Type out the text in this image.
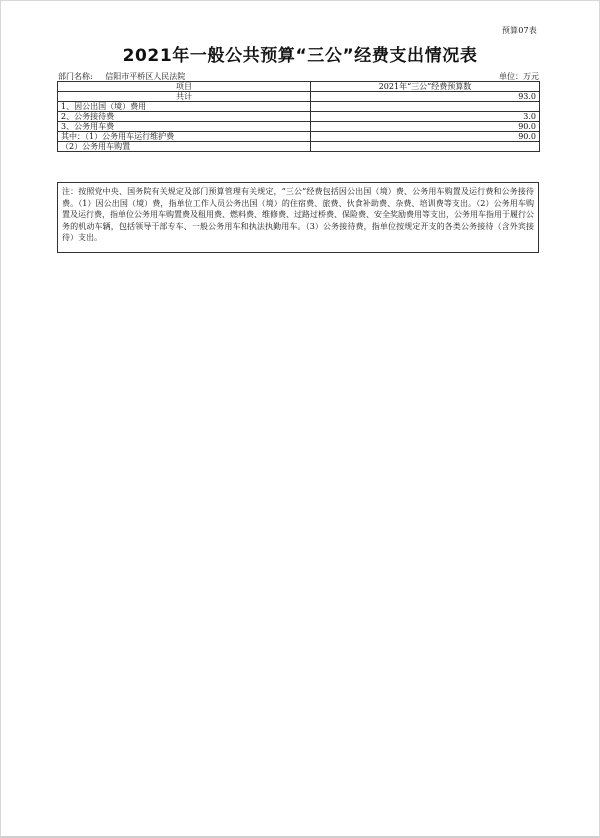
预算07表
2021年一般公共预算“三公”经费支出情况表
部门名称: 信阳市平桥区人民法院	单位：万元
项目	2021年“三公”经费预算数
共计	93.0
1、因公出国（境）费用	
2、公务接待费	3.0
3、公务用车费	90.0
其中：（1）公务用车运行维护费	90.0
（2）公务用车购置	
注：按照党中央、国务院有关规定及部门预算管理有关规定，“三公”经费包括因公出国（境）费、公务用车购置及运行费和公务接待费。（1）因公出国（境）费，指单位工作人员公务出国（境）的住宿费、旅费、伙食补助费、杂费、培训费等支出。（2）公务用车购置及运行费，指单位公务用车购置费及租用费、燃料费、维修费、过路过桥费、保险费、安全奖励费用等支出，公务用车指用于履行公务的机动车辆，包括领导干部专车、一般公务用车和执法执勤用车。（3）公务接待费，指单位按规定开支的各类公务接待（含外宾接待）支出。
